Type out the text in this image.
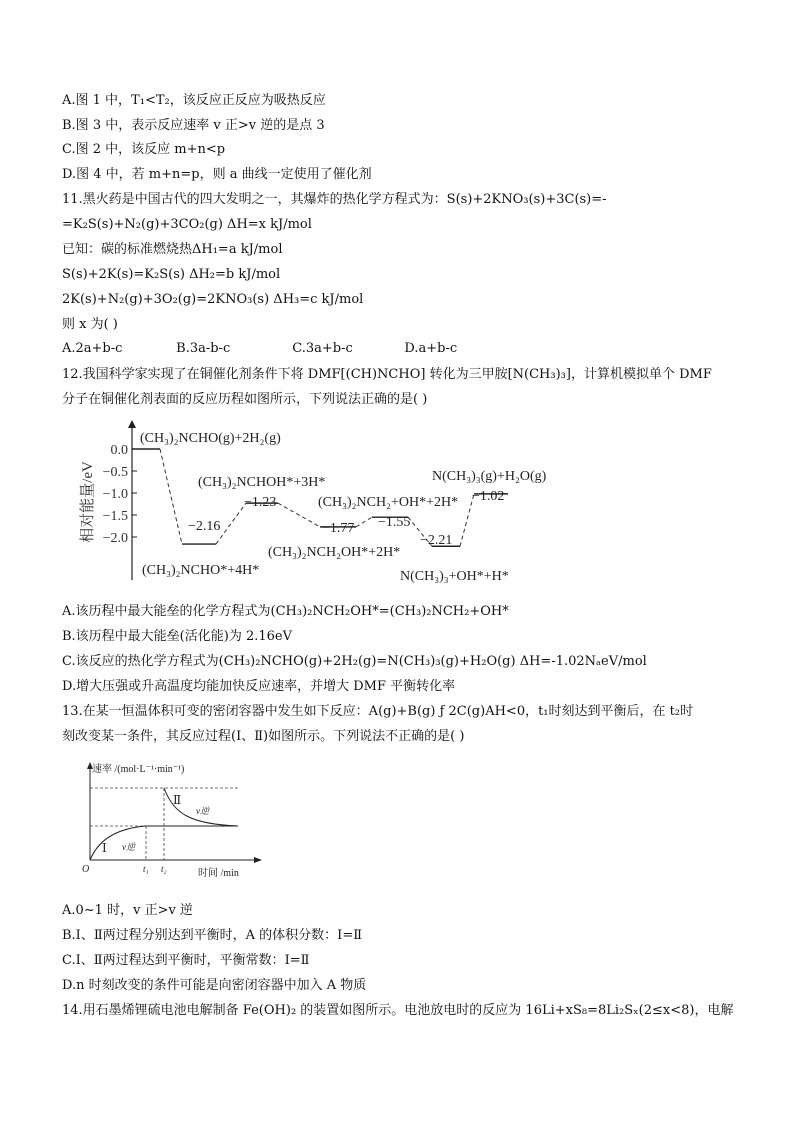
A.图 1 中，T₁<T₂，该反应正反应为吸热反应
B.图 3 中，表示反应速率 v 正>v 逆的是点 3
C.图 2 中，该反应 m+n<p
D.图 4 中，若 m+n=p，则 a 曲线一定使用了催化剂
11.黑火药是中国古代的四大发明之一，其爆炸的热化学方程式为：S(s)+2KNO₃(s)+3C(s)=-
=K₂S(s)+N₂(g)+3CO₂(g) ΔH=x kJ/mol
已知：碳的标准燃烧热ΔH₁=a kJ/mol
S(s)+2K(s)=K₂S(s) ΔH₂=b kJ/mol
2K(s)+N₂(g)+3O₂(g)=2KNO₃(s) ΔH₃=c kJ/mol
则 x 为( )
A.2a+b-c	B.3a-b-c	C.3a+b-c	D.a+b-c
12.我国科学家实现了在铜催化剂条件下将 DMF[(CH)NCHO] 转化为三甲胺[N(CH₃)₃]，计算机模拟单个 DMF
分子在铜催化剂表面的反应历程如图所示，下列说法正确的是( )
相对能量/eV
0.0
−0.5
−1.0
−1.5
−2.0
(CH₃)₂NCHO(g)+2H₂(g)
(CH₃)₂NCHO*+4H*
−2.16
(CH₃)₂NCHOH*+3H*
−1.23
(CH₃)₂NCH₂OH*+2H*
−1.77
(CH₃)₂NCH₂+OH*+2H*
−1.55
N(CH₃)₃+OH*+H*
−2.21
N(CH₃)₃(g)+H₂O(g)
−1.02
A.该历程中最大能垒的化学方程式为(CH₃)₂NCH₂OH*=(CH₃)₂NCH₂+OH*
B.该历程中最大能垒(活化能)为 2.16eV
C.该反应的热化学方程式为(CH₃)₂NCHO(g)+2H₂(g)=N(CH₃)₃(g)+H₂O(g) ΔH=-1.02NₐeV/mol
D.增大压强或升高温度均能加快反应速率，并增大 DMF 平衡转化率
13.在某一恒温体积可变的密闭容器中发生如下反应：A(g)+B(g) ƒ 2C(g)AH<0，t₁时刻达到平衡后，在 t₂时
刻改变某一条件，其反应过程(Ⅰ、Ⅱ)如图所示。下列说法不正确的是( )
速率 /(mol·L⁻¹·min⁻¹)
时间 /min
O	t₁ t₂
Ⅰ
Ⅱ
v逆
v逆
A.0~1 时，v 正>v 逆
B.Ⅰ、Ⅱ两过程分别达到平衡时，A 的体积分数：Ⅰ=Ⅱ
C.Ⅰ、Ⅱ两过程达到平衡时，平衡常数：Ⅰ=Ⅱ
D.n 时刻改变的条件可能是向密闭容器中加入 A 物质
14.用石墨烯锂硫电池电解制备 Fe(OH)₂ 的装置如图所示。电池放电时的反应为 16Li+xS₈=8Li₂Sₓ(2≤x<8)，电解
